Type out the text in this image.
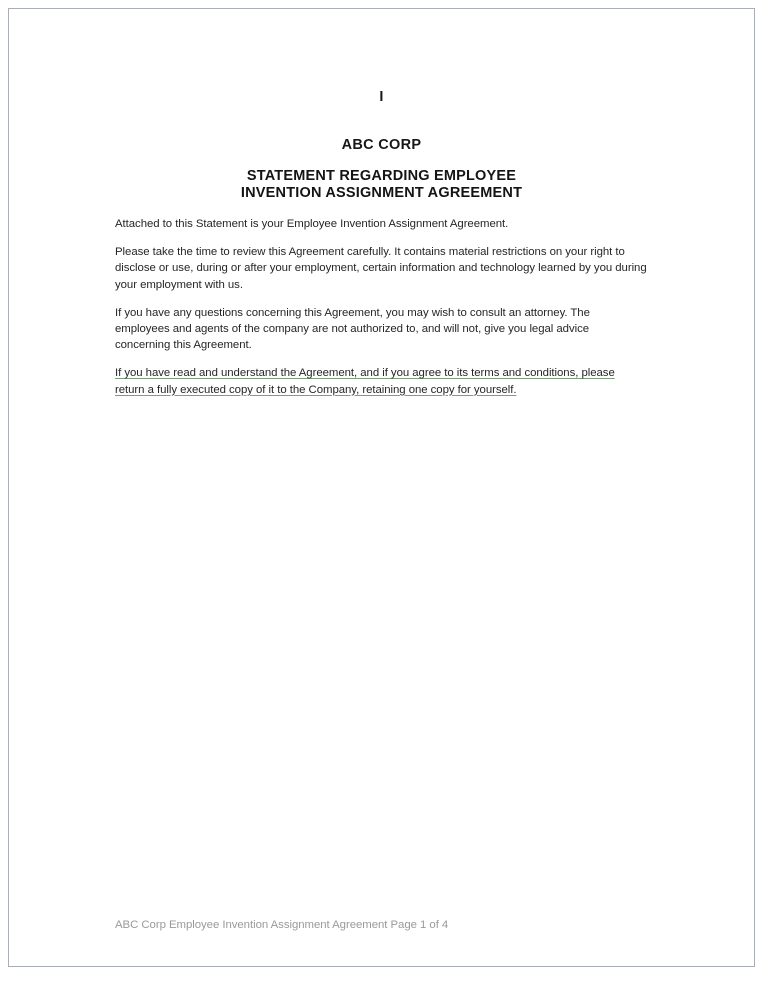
I
ABC CORP
STATEMENT REGARDING EMPLOYEE
INVENTION ASSIGNMENT AGREEMENT

Attached to this Statement is your Employee Invention Assignment Agreement.

Please take the time to review this Agreement carefully. It contains material restrictions on your right to disclose or use, during or after your employment, certain information and technology learned by you during your employment with us.

If you have any questions concerning this Agreement, you may wish to consult an attorney. The employees and agents of the company are not authorized to, and will not, give you legal advice concerning this Agreement.

If you have read and understand the Agreement, and if you agree to its terms and conditions, please return a fully executed copy of it to the Company, retaining one copy for yourself.

ABC Corp Employee Invention Assignment Agreement Page 1 of 4
